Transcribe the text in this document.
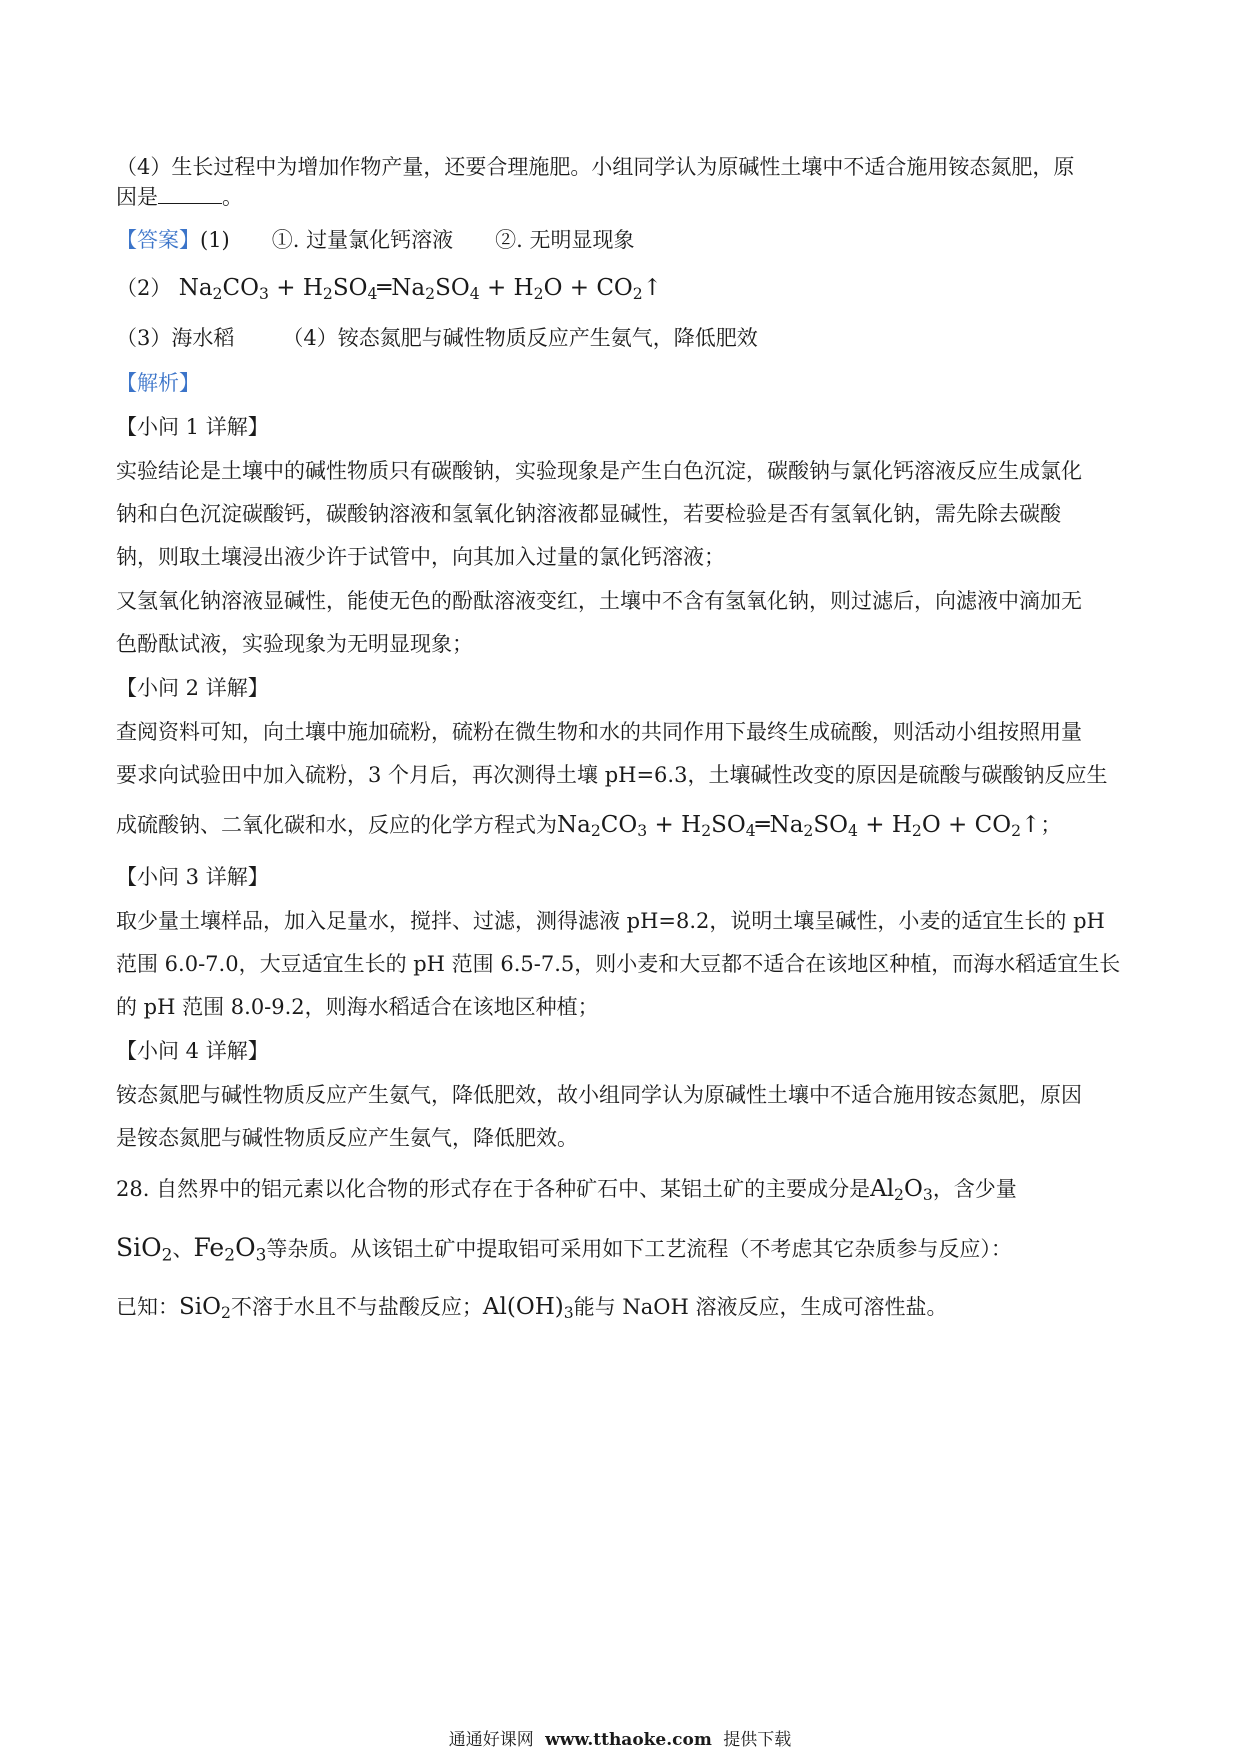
（4）生长过程中为增加作物产量，还要合理施肥。小组同学认为原碱性土壤中不适合施用铵态氮肥，原
因是	。
【答案】(1) ①. 过量氯化钙溶液 ②. 无明显现象
（2） $Na_2CO_3$ + $H_2SO_4═Na_2SO_4 + H_2O$ + $CO_2↑$
（3）海水稻 （4）铵态氮肥与碱性物质反应产生氨气，降低肥效
【解析】
【小问 1 详解】
实验结论是土壤中的碱性物质只有碳酸钠，实验现象是产生白色沉淀，碳酸钠与氯化钙溶液反应生成氯化
钠和白色沉淀碳酸钙，碳酸钠溶液和氢氧化钠溶液都显碱性，若要检验是否有氢氧化钠，需先除去碳酸
钠，则取土壤浸出液少许于试管中，向其加入过量的氯化钙溶液；
又氢氧化钠溶液显碱性，能使无色的酚酞溶液变红，土壤中不含有氢氧化钠，则过滤后，向滤液中滴加无
色酚酞试液，实验现象为无明显现象；
【小问 2 详解】
查阅资料可知，向土壤中施加硫粉，硫粉在微生物和水的共同作用下最终生成硫酸，则活动小组按照用量
要求向试验田中加入硫粉，3 个月后，再次测得土壤 pH=6.3，土壤碱性改变的原因是硫酸与碳酸钠反应生
成硫酸钠、二氧化碳和水，反应的化学方程式为$Na_2CO_3$ + $H_2SO_4═Na_2SO_4 + H_2O$ + $CO_2↑$；
【小问 3 详解】
取少量土壤样品，加入足量水，搅拌、过滤，测得滤液 pH=8.2，说明土壤呈碱性，小麦的适宜生长的 pH
范围 6.0-7.0，大豆适宜生长的 pH 范围 6.5-7.5，则小麦和大豆都不适合在该地区种植，而海水稻适宜生长
的 pH 范围 8.0-9.2，则海水稻适合在该地区种植；
【小问 4 详解】
铵态氮肥与碱性物质反应产生氨气，降低肥效，故小组同学认为原碱性土壤中不适合施用铵态氮肥，原因
是铵态氮肥与碱性物质反应产生氨气，降低肥效。
28. 自然界中的铝元素以化合物的形式存在于各种矿石中、某铝土矿的主要成分是$Al_2O_3$，含少量
SiO$_2$、$Fe_2O_3$等杂质。从该铝土矿中提取铝可采用如下工艺流程（不考虑其它杂质参与反应）：
已知：SiO$_2$不溶于水且不与盐酸反应；$Al(OH)_3$能与 NaOH 溶液反应，生成可溶性盐。
通通好课网 www.tthaoke.com 提供下载
